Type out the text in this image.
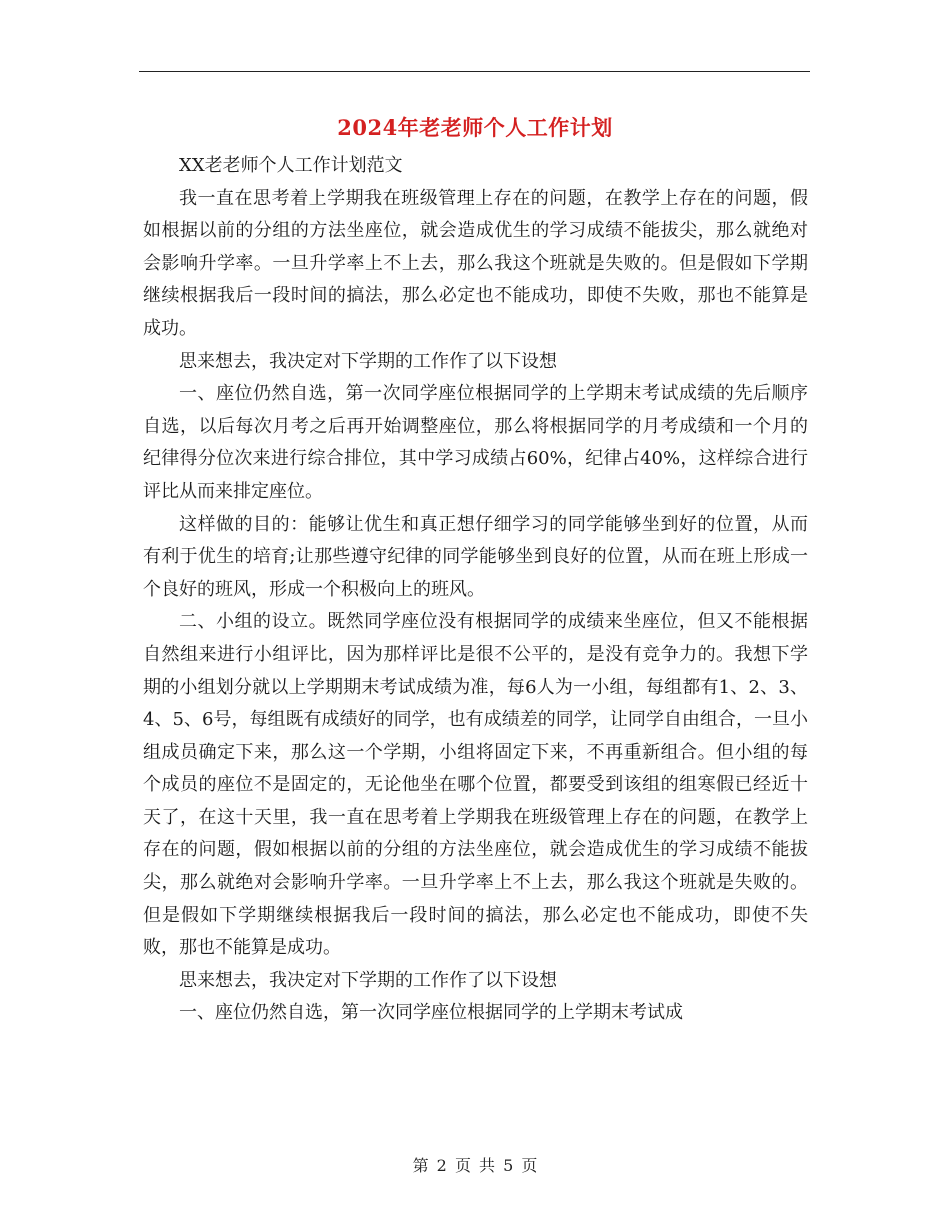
2024年老老师个人工作计划

XX老老师个人工作计划范文

我一直在思考着上学期我在班级管理上存在的问题，在教学上存在的问题，假如根据以前的分组的方法坐座位，就会造成优生的学习成绩不能拔尖，那么就绝对会影响升学率。一旦升学率上不上去，那么我这个班就是失败的。但是假如下学期继续根据我后一段时间的搞法，那么必定也不能成功，即使不失败，那也不能算是成功。

思来想去，我决定对下学期的工作作了以下设想

一、座位仍然自选，第一次同学座位根据同学的上学期末考试成绩的先后顺序自选，以后每次月考之后再开始调整座位，那么将根据同学的月考成绩和一个月的纪律得分位次来进行综合排位，其中学习成绩占60%，纪律占40%，这样综合进行评比从而来排定座位。

这样做的目的：能够让优生和真正想仔细学习的同学能够坐到好的位置，从而有利于优生的培育;让那些遵守纪律的同学能够坐到良好的位置，从而在班上形成一个良好的班风，形成一个积极向上的班风。

二、小组的设立。既然同学座位没有根据同学的成绩来坐座位，但又不能根据自然组来进行小组评比，因为那样评比是很不公平的，是没有竞争力的。我想下学期的小组划分就以上学期期末考试成绩为准，每6人为一小组，每组都有1、2、3、4、5、6号，每组既有成绩好的同学，也有成绩差的同学，让同学自由组合，一旦小组成员确定下来，那么这一个学期，小组将固定下来，不再重新组合。但小组的每个成员的座位不是固定的，无论他坐在哪个位置，都要受到该组的组寒假已经近十天了，在这十天里，我一直在思考着上学期我在班级管理上存在的问题，在教学上存在的问题，假如根据以前的分组的方法坐座位，就会造成优生的学习成绩不能拔尖，那么就绝对会影响升学率。一旦升学率上不上去，那么我这个班就是失败的。但是假如下学期继续根据我后一段时间的搞法，那么必定也不能成功，即使不失败，那也不能算是成功。

思来想去，我决定对下学期的工作作了以下设想

一、座位仍然自选，第一次同学座位根据同学的上学期末考试成

第 2 页 共 5 页
